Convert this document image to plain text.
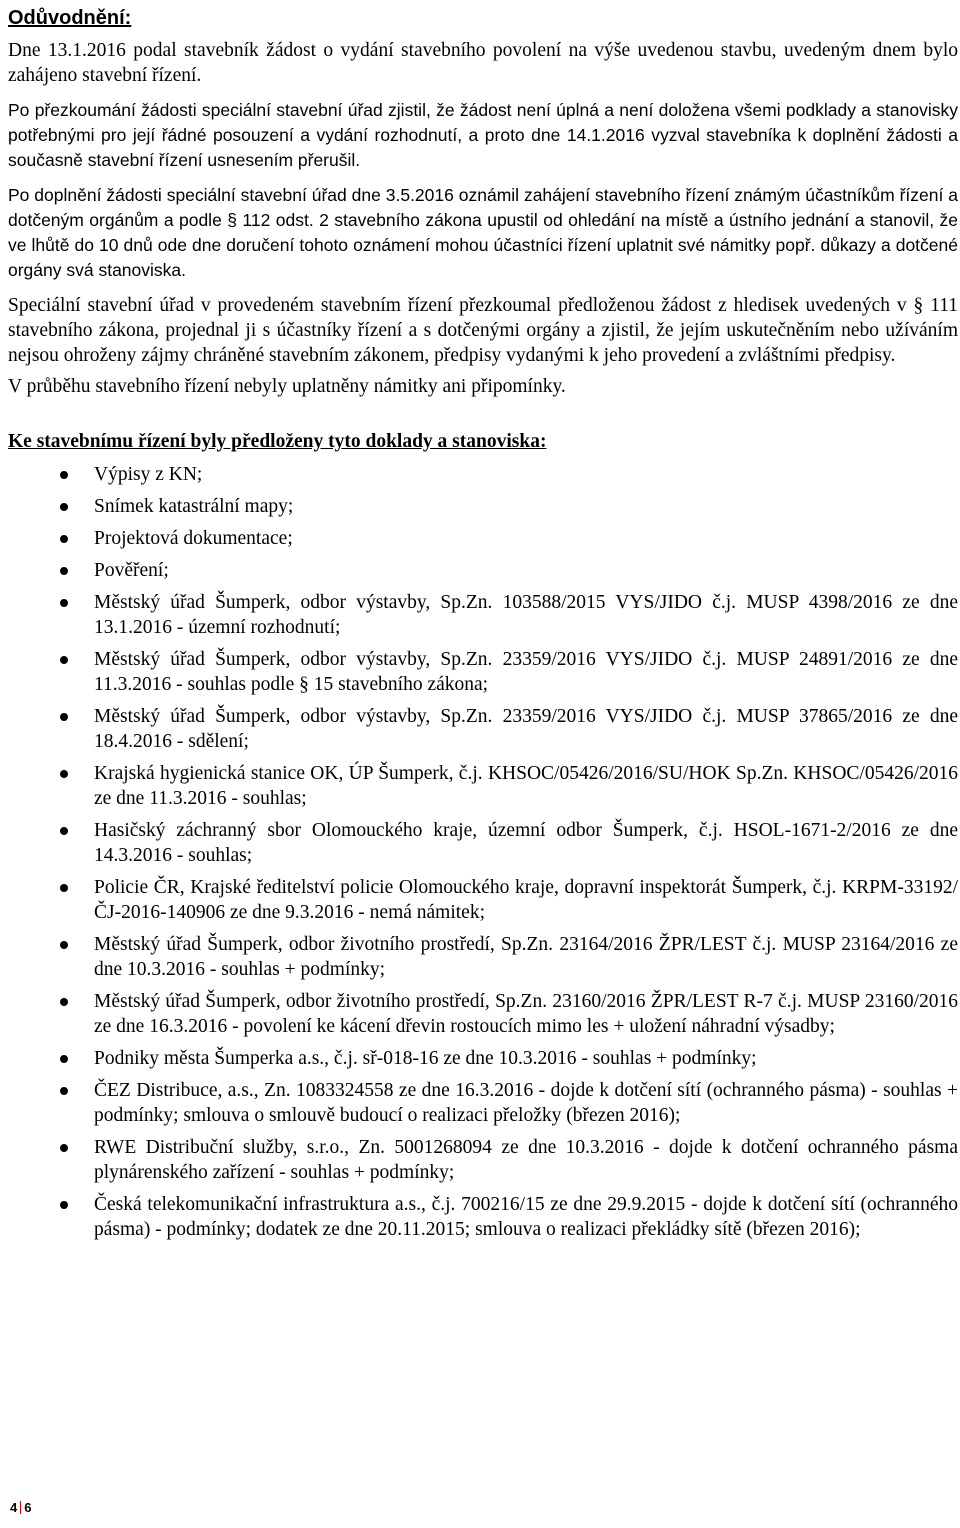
Odůvodnění:

Dne 13.1.2016 podal stavebník žádost o vydání stavebního povolení na výše uvedenou stavbu, uvedeným dnem bylo zahájeno stavební řízení.

Po přezkoumání žádosti speciální stavební úřad zjistil, že žádost není úplná a není doložena všemi podklady a stanovisky potřebnými pro její řádné posouzení a vydání rozhodnutí, a proto dne 14.1.2016 vyzval stavebníka k doplnění žádosti a současně stavební řízení usnesením přerušil.

Po doplnění žádosti speciální stavební úřad dne 3.5.2016 oznámil zahájení stavebního řízení známým účastníkům řízení a dotčeným orgánům a podle § 112 odst. 2 stavebního zákona upustil od ohledání na místě a ústního jednání a stanovil, že ve lhůtě do 10 dnů ode dne doručení tohoto oznámení mohou účastníci řízení uplatnit své námitky popř. důkazy a dotčené orgány svá stanoviska.

Speciální stavební úřad v provedeném stavebním řízení přezkoumal předloženou žádost z hledisek uvedených v § 111 stavebního zákona, projednal ji s účastníky řízení a s dotčenými orgány a zjistil, že jejím uskutečněním nebo užíváním nejsou ohroženy zájmy chráněné stavebním zákonem, předpisy vydanými k jeho provedení a zvláštními předpisy.

V průběhu stavebního řízení nebyly uplatněny námitky ani připomínky.

Ke stavebnímu řízení byly předloženy tyto doklady a stanoviska:
Výpisy z KN;
Snímek katastrální mapy;
Projektová dokumentace;
Pověření;
Městský úřad Šumperk, odbor výstavby, Sp.Zn. 103588/2015 VYS/JIDO č.j. MUSP 4398/2016 ze dne 13.1.2016 - územní rozhodnutí;
Městský úřad Šumperk, odbor výstavby, Sp.Zn. 23359/2016 VYS/JIDO č.j. MUSP 24891/2016 ze dne 11.3.2016 - souhlas podle § 15 stavebního zákona;
Městský úřad Šumperk, odbor výstavby, Sp.Zn. 23359/2016 VYS/JIDO č.j. MUSP 37865/2016 ze dne 18.4.2016 - sdělení;
Krajská hygienická stanice OK, ÚP Šumperk, č.j. KHSOC/05426/2016/SU/HOK Sp.Zn. KHSOC/05426/2016 ze dne 11.3.2016 - souhlas;
Hasičský záchranný sbor Olomouckého kraje, územní odbor Šumperk, č.j. HSOL-1671-2/2016 ze dne 14.3.2016 - souhlas;
Policie ČR, Krajské ředitelství policie Olomouckého kraje, dopravní inspektorát Šumperk, č.j. KRPM-33192/ČJ-2016-140906 ze dne 9.3.2016 - nemá námitek;
Městský úřad Šumperk, odbor životního prostředí, Sp.Zn. 23164/2016 ŽPR/LEST č.j. MUSP 23164/2016 ze dne 10.3.2016 - souhlas + podmínky;
Městský úřad Šumperk, odbor životního prostředí, Sp.Zn. 23160/2016 ŽPR/LEST R-7 č.j. MUSP 23160/2016 ze dne 16.3.2016 - povolení ke kácení dřevin rostoucích mimo les + uložení náhradní výsadby;
Podniky města Šumperka a.s., č.j. sř-018-16 ze dne 10.3.2016 - souhlas + podmínky;
ČEZ Distribuce, a.s., Zn. 1083324558 ze dne 16.3.2016 - dojde k dotčení sítí (ochranného pásma) - souhlas + podmínky; smlouva o smlouvě budoucí o realizaci přeložky (březen 2016);
RWE Distribuční služby, s.r.o., Zn. 5001268094 ze dne 10.3.2016 - dojde k dotčení ochranného pásma plynárenského zařízení - souhlas + podmínky;
Česká telekomunikační infrastruktura a.s., č.j. 700216/15 ze dne 29.9.2015 - dojde k dotčení sítí (ochranného pásma) - podmínky; dodatek ze dne 20.11.2015; smlouva o realizaci překládky sítě (březen 2016);
4 6
